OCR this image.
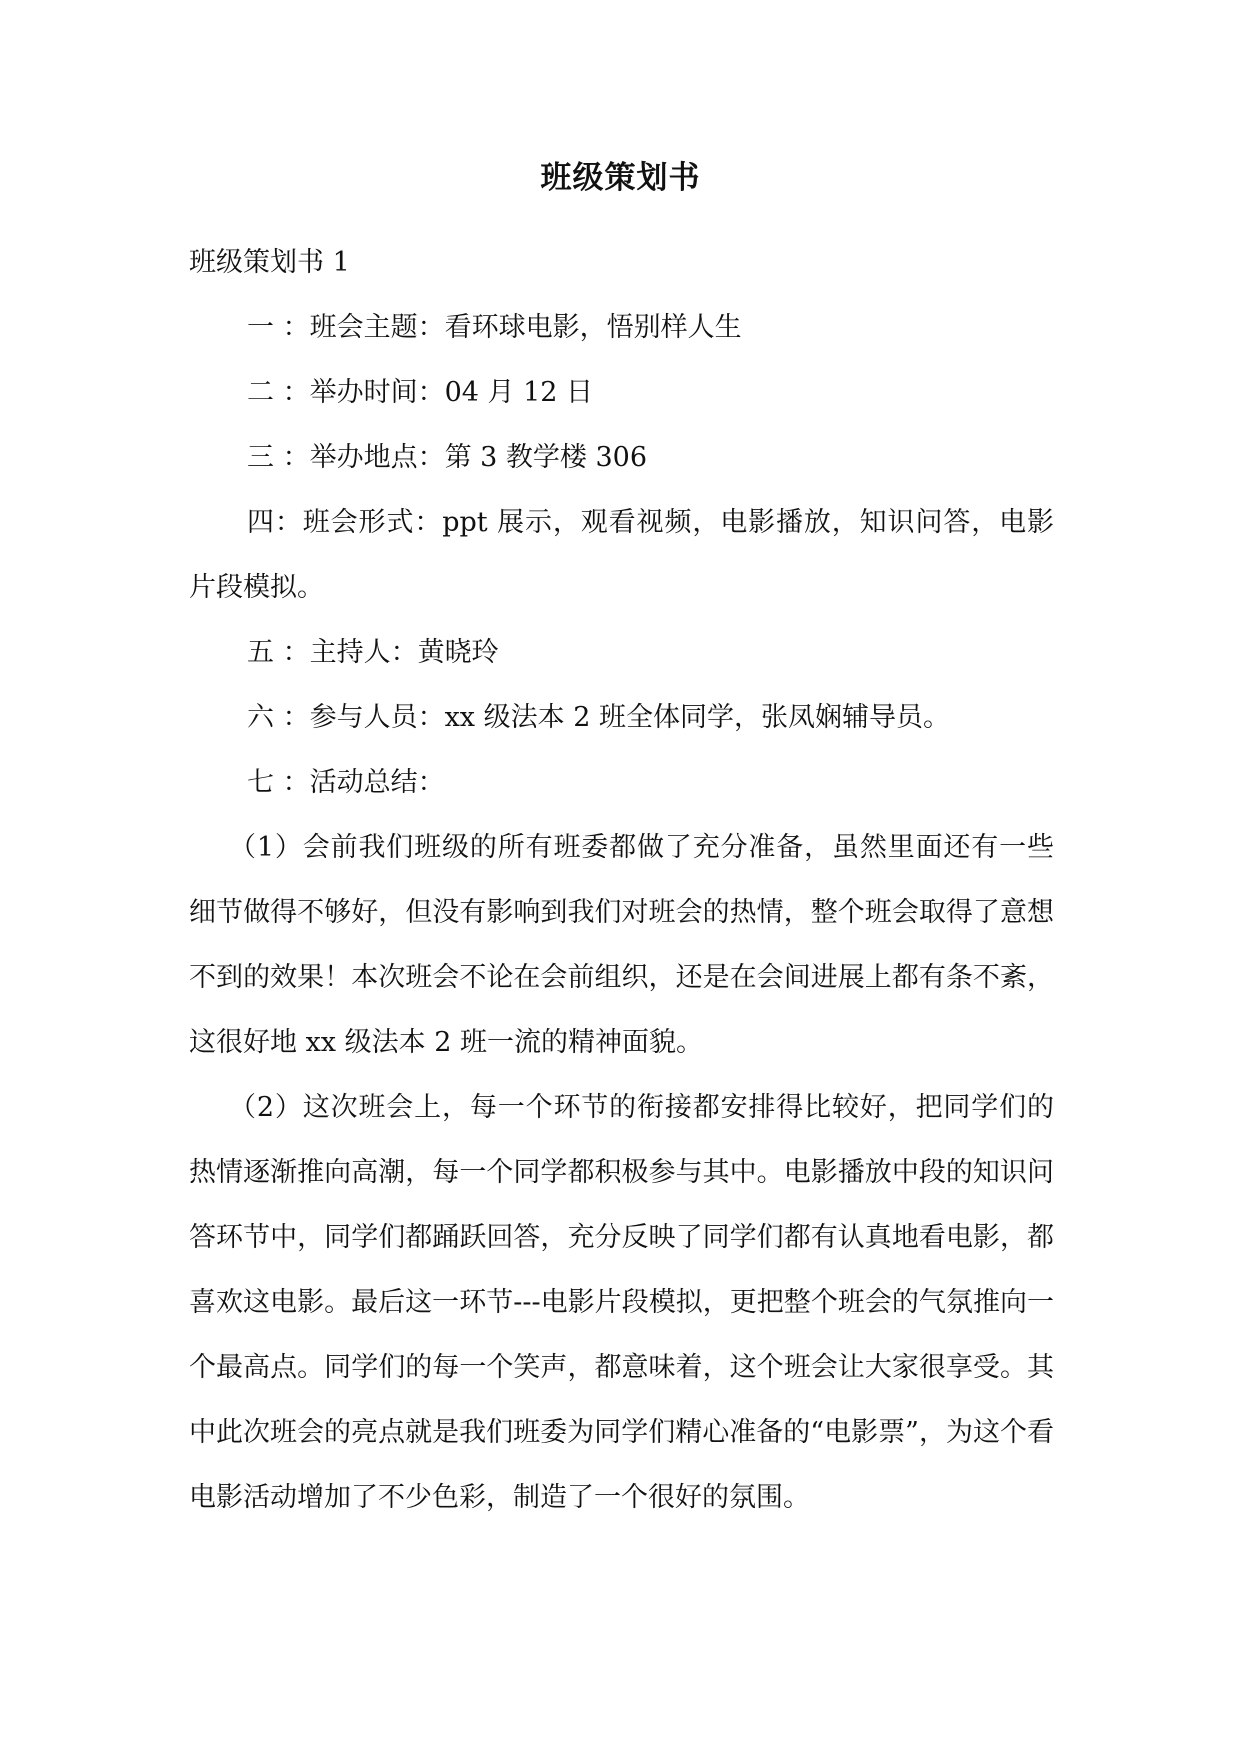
班级策划书
班级策划书 1
一 ：班会主题：看环球电影，悟别样人生
二 ：举办时间：04 月 12 日
三 ：举办地点：第 3 教学楼 306
四：班会形式：ppt 展示，观看视频，电影播放，知识问答，电影片段模拟。
五 ：主持人：黄晓玲
六 ：参与人员：xx 级法本 2 班全体同学，张凤娴辅导员。
七 ：活动总结：
（1）会前我们班级的所有班委都做了充分准备，虽然里面还有一些细节做得不够好，但没有影响到我们对班会的热情，整个班会取得了意想不到的效果！本次班会不论在会前组织，还是在会间进展上都有条不紊，这很好地 xx 级法本 2 班一流的精神面貌。
（2）这次班会上，每一个环节的衔接都安排得比较好，把同学们的热情逐渐推向高潮，每一个同学都积极参与其中。电影播放中段的知识问答环节中，同学们都踊跃回答，充分反映了同学们都有认真地看电影，都喜欢这电影。最后这一环节---电影片段模拟，更把整个班会的气氛推向一个最高点。同学们的每一个笑声，都意味着，这个班会让大家很享受。其中此次班会的亮点就是我们班委为同学们精心准备的“电影票”，为这个看电影活动增加了不少色彩，制造了一个很好的氛围。
